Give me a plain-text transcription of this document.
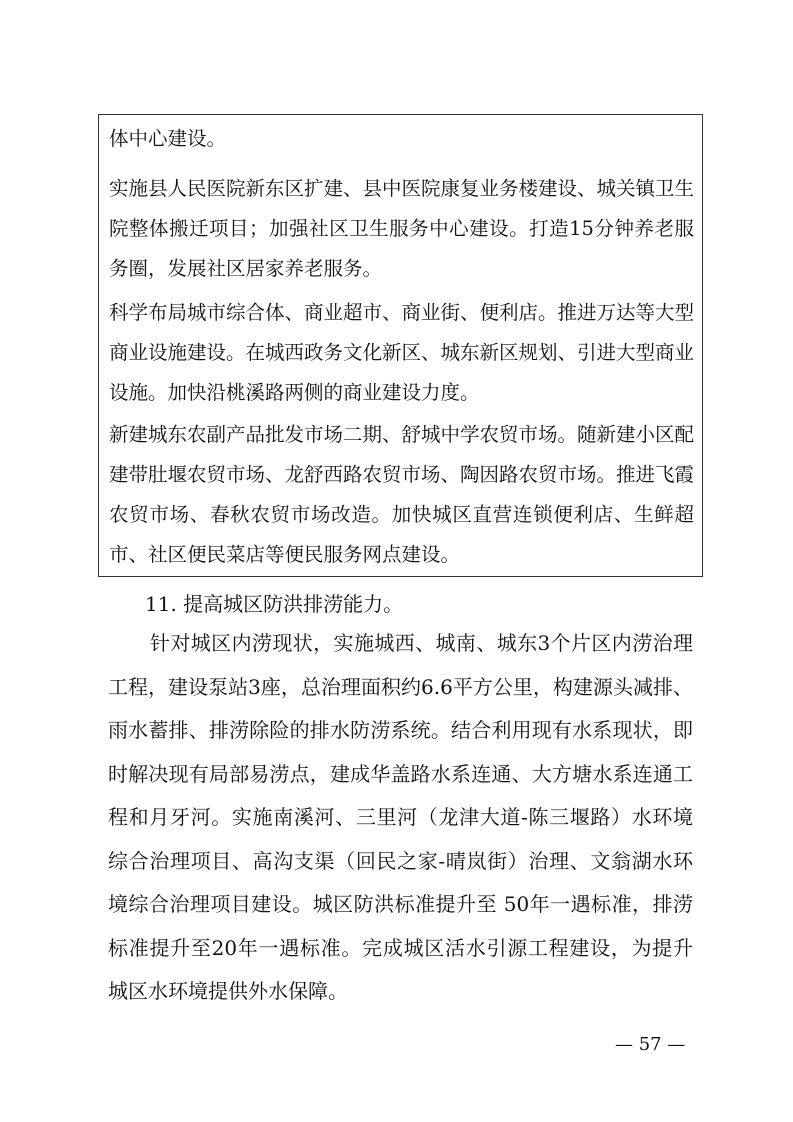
体中心建设。

实施县人民医院新东区扩建、县中医院康复业务楼建设、城关镇卫生院整体搬迁项目；加强社区卫生服务中心建设。打造15分钟养老服务圈，发展社区居家养老服务。

科学布局城市综合体、商业超市、商业街、便利店。推进万达等大型商业设施建设。在城西政务文化新区、城东新区规划、引进大型商业设施。加快沿桃溪路两侧的商业建设力度。

新建城东农副产品批发市场二期、舒城中学农贸市场。随新建小区配建带肚堰农贸市场、龙舒西路农贸市场、陶因路农贸市场。推进飞霞农贸市场、春秋农贸市场改造。加快城区直营连锁便利店、生鲜超市、社区便民菜店等便民服务网点建设。

11. 提高城区防洪排涝能力。

针对城区内涝现状，实施城西、城南、城东3个片区内涝治理工程，建设泵站3座，总治理面积约6.6平方公里，构建源头减排、雨水蓄排、排涝除险的排水防涝系统。结合利用现有水系现状，即时解决现有局部易涝点，建成华盖路水系连通、大方塘水系连通工程和月牙河。实施南溪河、三里河（龙津大道-陈三堰路）水环境综合治理项目、高沟支渠（回民之家-晴岚街）治理、文翁湖水环境综合治理项目建设。城区防洪标准提升至 50年一遇标准，排涝标准提升至20年一遇标准。完成城区活水引源工程建设，为提升城区水环境提供外水保障。

— 57 —
